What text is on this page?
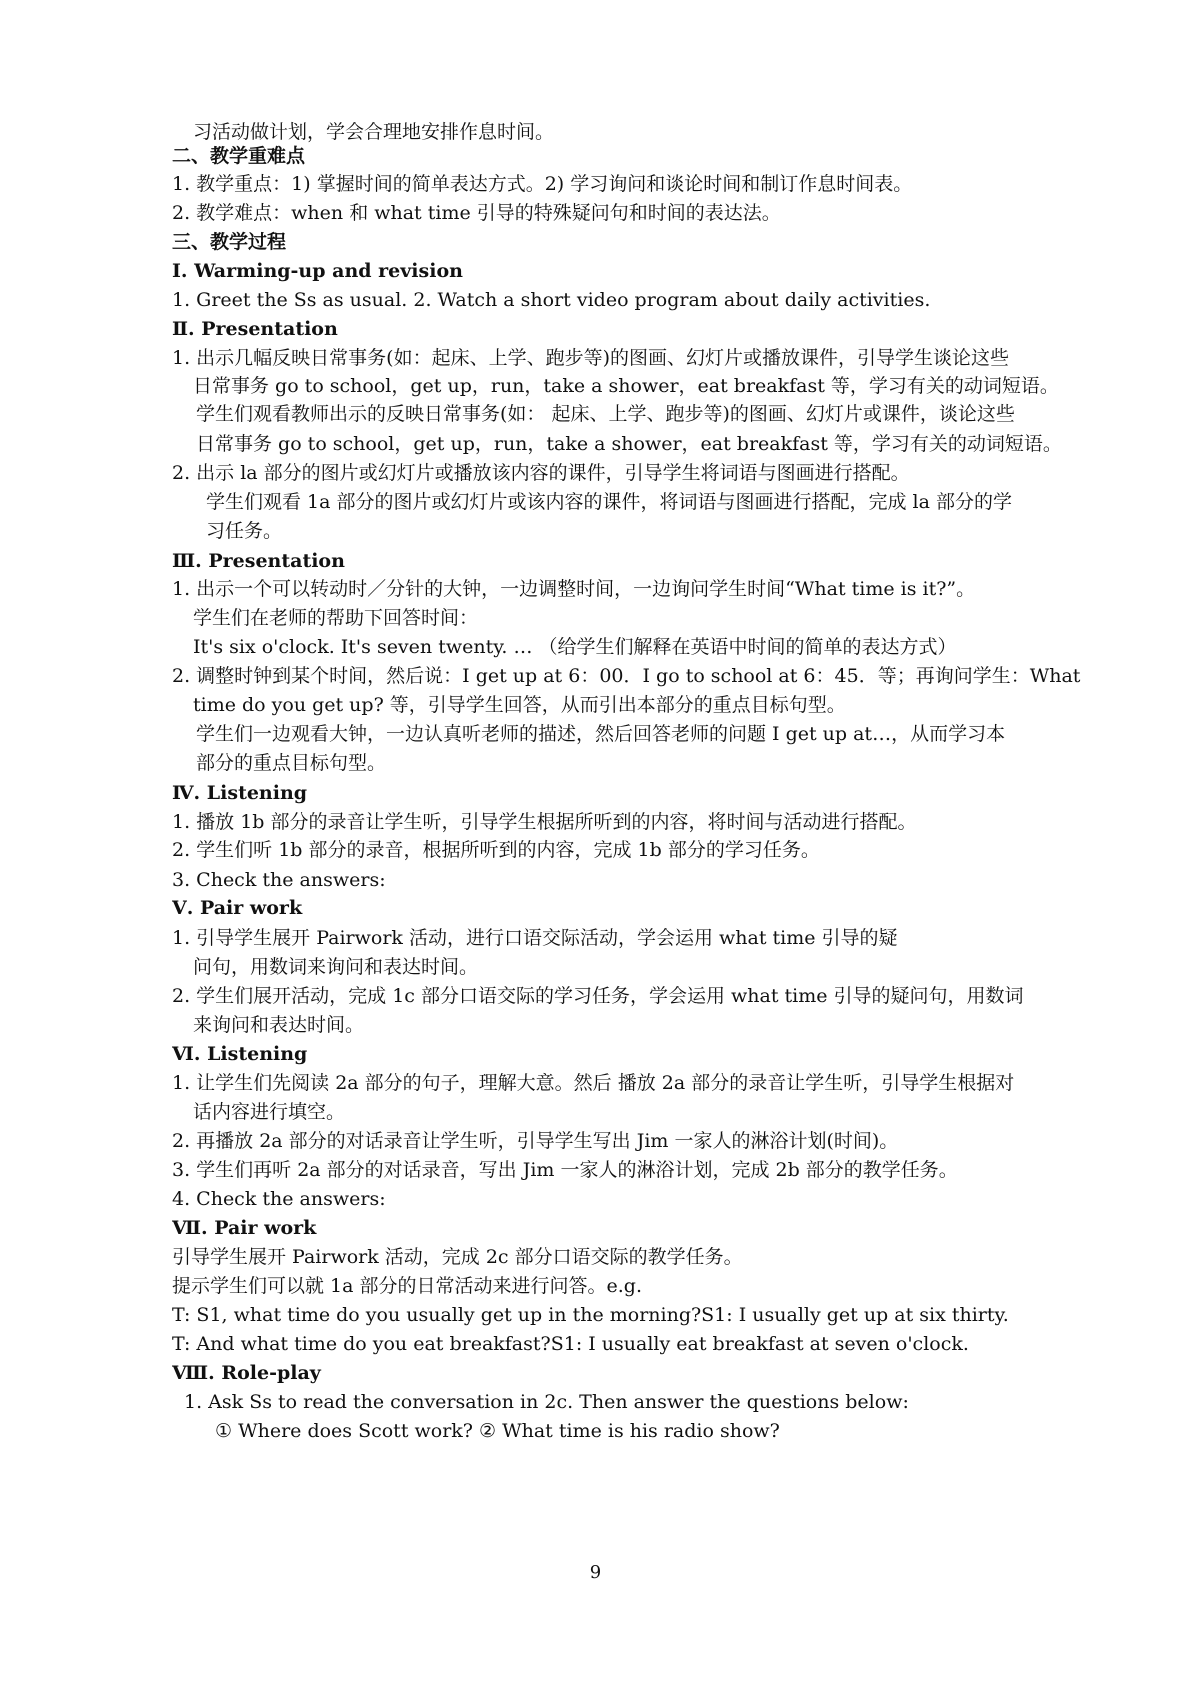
习活动做计划，学会合理地安排作息时间。
二、教学重难点
1. 教学重点：1) 掌握时间的简单表达方式。2) 学习询问和谈论时间和制订作息时间表。
2. 教学难点：when 和 what time 引导的特殊疑问句和时间的表达法。
三、教学过程
Ⅰ. Warming-up and revision
1. Greet the Ss as usual. 2. Watch a short video program about daily activities.
Ⅱ. Presentation
1. 出示几幅反映日常事务(如：起床、上学、跑步等)的图画、幻灯片或播放课件，引导学生谈论这些
日常事务 go to school，get up，run，take a shower，eat breakfast 等，学习有关的动词短语。
学生们观看教师出示的反映日常事务(如： 起床、上学、跑步等)的图画、幻灯片或课件，谈论这些
日常事务 go to school，get up，run，take a shower，eat breakfast 等，学习有关的动词短语。
2. 出示 la 部分的图片或幻灯片或播放该内容的课件，引导学生将词语与图画进行搭配。
学生们观看 1a 部分的图片或幻灯片或该内容的课件，将词语与图画进行搭配，完成 la 部分的学
习任务。
Ⅲ. Presentation
1. 出示一个可以转动时／分针的大钟，一边调整时间，一边询问学生时间“What time is it?”。
学生们在老师的帮助下回答时间：
It's six o'clock. It's seven twenty. … （给学生们解释在英语中时间的简单的表达方式）
2. 调整时钟到某个时间，然后说：I get up at 6：00．I go to school at 6：45．等；再询问学生：What
time do you get up? 等，引导学生回答，从而引出本部分的重点目标句型。
学生们一边观看大钟，一边认真听老师的描述，然后回答老师的问题 I get up at…，从而学习本
部分的重点目标句型。
Ⅳ. Listening
1. 播放 1b 部分的录音让学生听，引导学生根据所听到的内容，将时间与活动进行搭配。
2. 学生们听 1b 部分的录音，根据所听到的内容，完成 1b 部分的学习任务。
3. Check the answers:
Ⅴ. Pair work
1. 引导学生展开 Pairwork 活动，进行口语交际活动，学会运用 what time 引导的疑
问句，用数词来询问和表达时间。
2. 学生们展开活动，完成 1c 部分口语交际的学习任务，学会运用 what time 引导的疑问句，用数词
来询问和表达时间。
Ⅵ. Listening
1. 让学生们先阅读 2a 部分的句子，理解大意。然后 播放 2a 部分的录音让学生听，引导学生根据对
话内容进行填空。
2. 再播放 2a 部分的对话录音让学生听，引导学生写出 Jim 一家人的淋浴计划(时间)。
3. 学生们再听 2a 部分的对话录音，写出 Jim 一家人的淋浴计划，完成 2b 部分的教学任务。
4. Check the answers:
Ⅶ. Pair work
引导学生展开 Pairwork 活动，完成 2c 部分口语交际的教学任务。
提示学生们可以就 1a 部分的日常活动来进行问答。e.g.
T: S1, what time do you usually get up in the morning?S1: I usually get up at six thirty.
T: And what time do you eat breakfast?S1: I usually eat breakfast at seven o'clock.
Ⅷ. Role-play
1. Ask Ss to read the conversation in 2c. Then answer the questions below:
① Where does Scott work? ② What time is his radio show?
9
